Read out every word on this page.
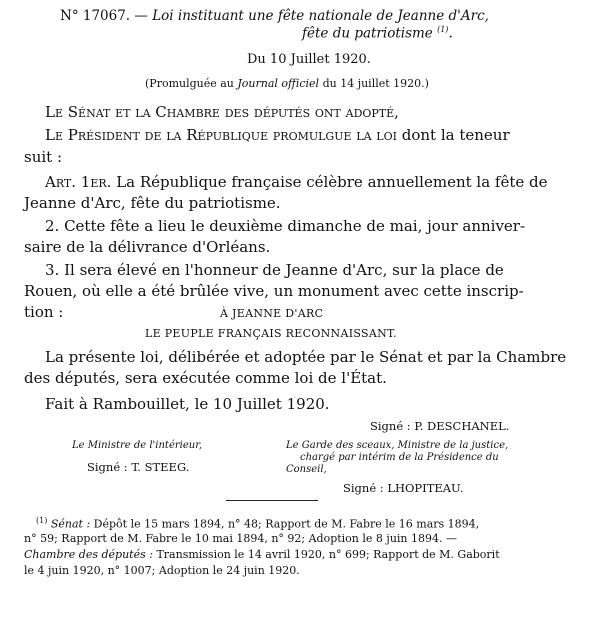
N° 17067. — Loi instituant une fête nationale de Jeanne d'Arc,
fête du patriotisme $^{(1)}$.
Du 10 Juillet 1920.
(Promulguée au Journal officiel du 14 juillet 1920.)
Le Sénat et la Chambre des députés ont adopté,
Le Président de la République promulgue la loi dont la teneur
suit :
Art. 1er. La République française célèbre annuellement la fête de
Jeanne d'Arc, fête du patriotisme.
2. Cette fête a lieu le deuxième dimanche de mai, jour anniver-
saire de la délivrance d'Orléans.
3. Il sera élevé en l'honneur de Jeanne d'Arc, sur la place de
Rouen, où elle a été brûlée vive, un monument avec cette inscrip-
tion :	À JEANNE D'ARC
LE PEUPLE FRANÇAIS RECONNAISSANT.
La présente loi, délibérée et adoptée par le Sénat et par la Chambre
des députés, sera exécutée comme loi de l'État.
Fait à Rambouillet, le 10 Juillet 1920.
Signé : P. DESCHANEL.
Le Ministre de l'intérieur,
Signé : T. STEEG.
Le Garde des sceaux, Ministre de la justice,
chargé par intérim de la Présidence du
Conseil,
Signé : LHOPITEAU.
$^{(1)}$ Sénat : Dépôt le 15 mars 1894, n° 48; Rapport de M. Fabre le 16 mars 1894,
n° 59; Rapport de M. Fabre le 10 mai 1894, n° 92; Adoption le 8 juin 1894. —
Chambre des députés : Transmission le 14 avril 1920, n° 699; Rapport de M. Gaborit
le 4 juin 1920, n° 1007; Adoption le 24 juin 1920.
